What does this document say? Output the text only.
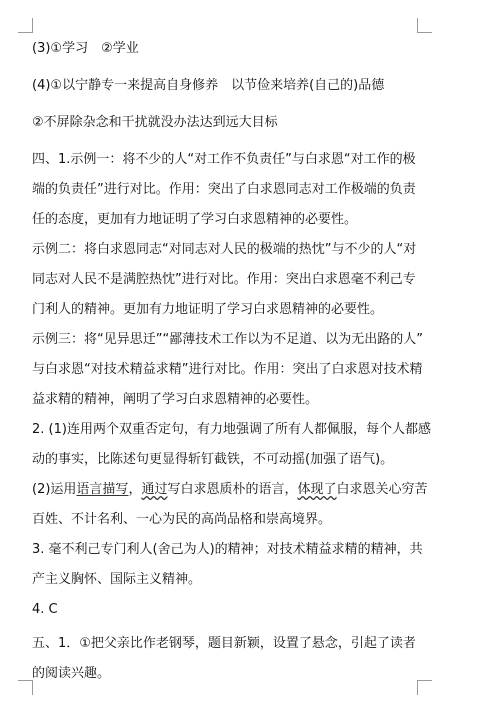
(3)①学习　②学业
(4)①以宁静专一来提高自身修养　以节俭来培养(自己的)品德
②不屏除杂念和干扰就没办法达到远大目标
四、1.示例一：将不少的人“对工作不负责任”与白求恩“对工作的极
端的负责任”进行对比。作用：突出了白求恩同志对工作极端的负责
任的态度，更加有力地证明了学习白求恩精神的必要性。
示例二：将白求恩同志“对同志对人民的极端的热忱”与不少的人“对
同志对人民不是满腔热忱”进行对比。作用：突出白求恩毫不利己专
门利人的精神。更加有力地证明了学习白求恩精神的必要性。
示例三：将“见异思迁”“鄙薄技术工作以为不足道、以为无出路的人”
与白求恩“对技术精益求精”进行对比。作用：突出了白求恩对技术精
益求精的精神，阐明了学习白求恩精神的必要性。
2. (1)连用两个双重否定句，有力地强调了所有人都佩服，每个人都感
动的事实，比陈述句更显得斩钉截铁，不可动摇(加强了语气)。
(2)运用语言描写，通过写白求恩质朴的语言，体现了白求恩关心穷苦
百姓、不计名利、一心为民的高尚品格和崇高境界。
3. 毫不利己专门利人(舍己为人)的精神；对技术精益求精的精神，共
产主义胸怀、国际主义精神。
4. C
五、1．①把父亲比作老钢琴，题目新颖，设置了悬念，引起了读者
的阅读兴趣。
